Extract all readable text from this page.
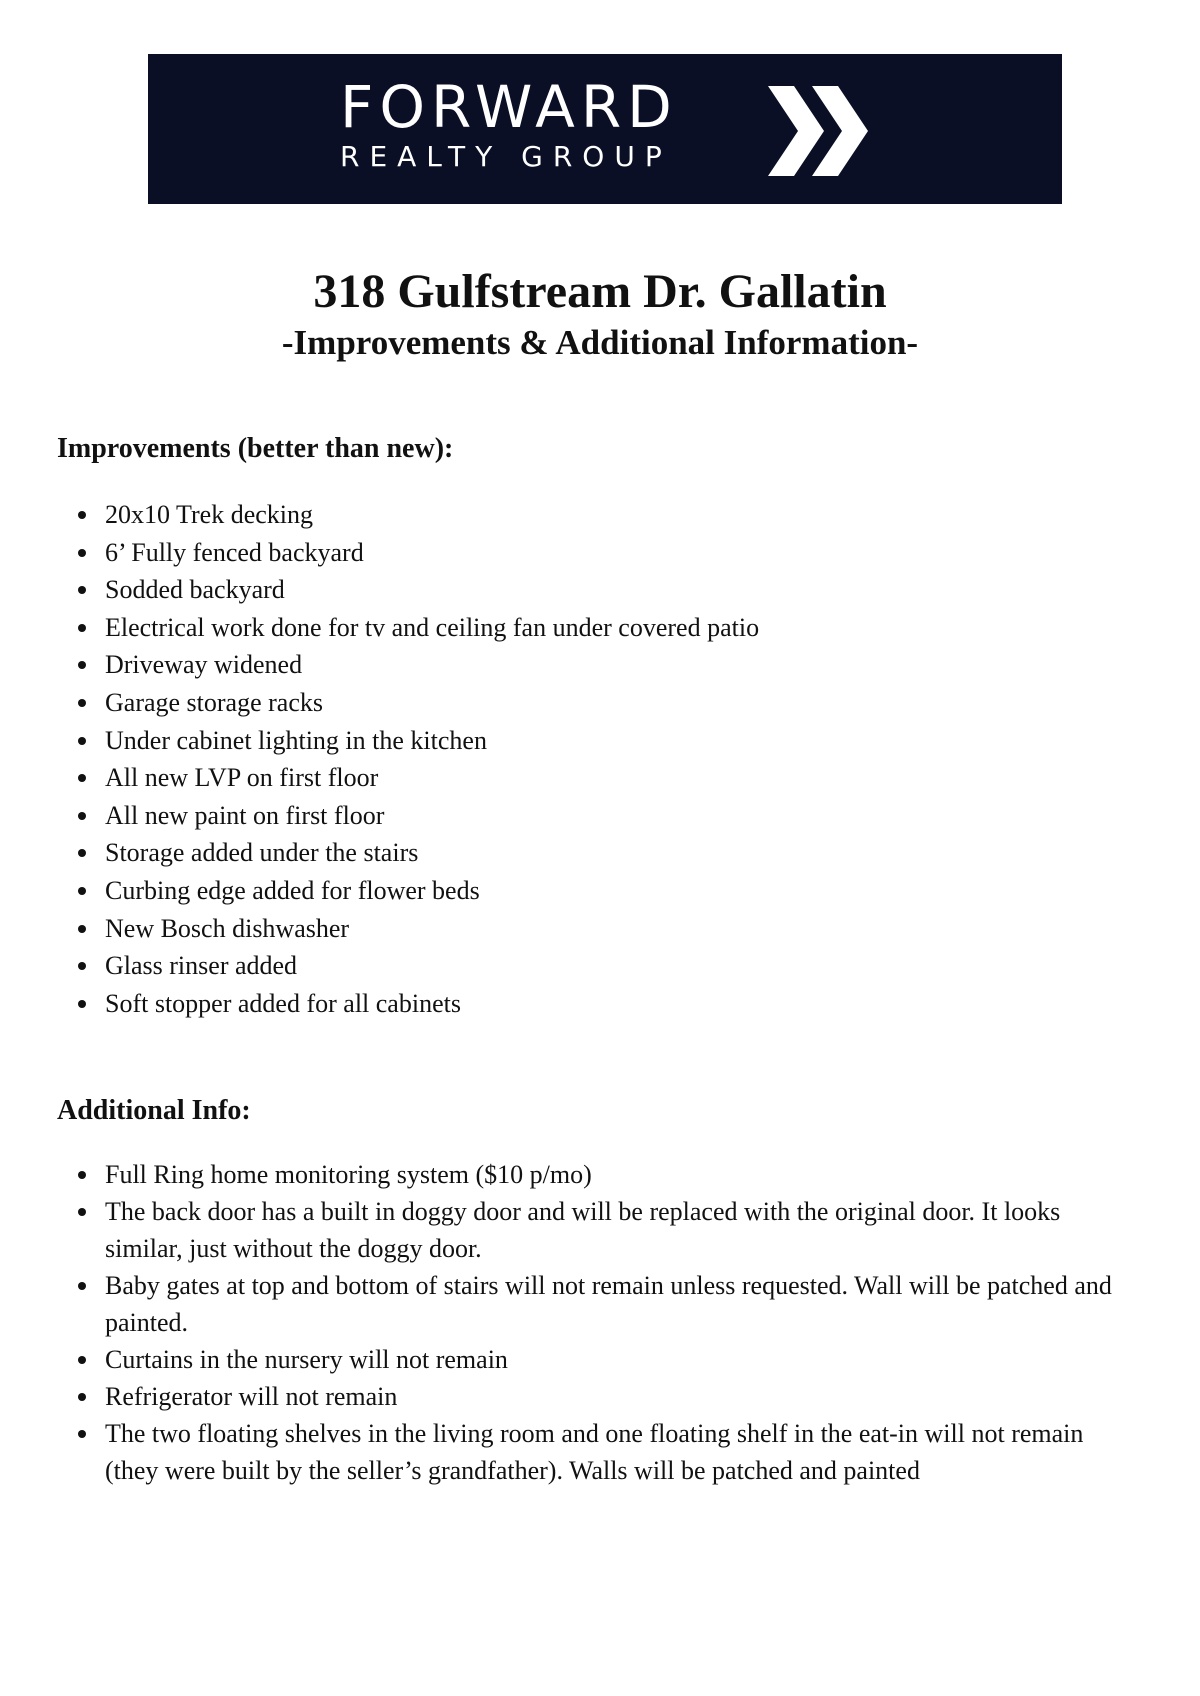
FORWARD
REALTY GROUP
318 Gulfstream Dr. Gallatin
-Improvements & Additional Information-
Improvements (better than new):
20x10 Trek decking
6’ Fully fenced backyard
Sodded backyard
Electrical work done for tv and ceiling fan under covered patio
Driveway widened
Garage storage racks
Under cabinet lighting in the kitchen
All new LVP on first floor
All new paint on first floor
Storage added under the stairs
Curbing edge added for flower beds
New Bosch dishwasher
Glass rinser added
Soft stopper added for all cabinets
Additional Info:
Full Ring home monitoring system ($10 p/mo)
The back door has a built in doggy door and will be replaced with the original door. It looks similar, just without the doggy door.
Baby gates at top and bottom of stairs will not remain unless requested. Wall will be patched and painted.
Curtains in the nursery will not remain
Refrigerator will not remain
The two floating shelves in the living room and one floating shelf in the eat-in will not remain (they were built by the seller’s grandfather). Walls will be patched and painted
